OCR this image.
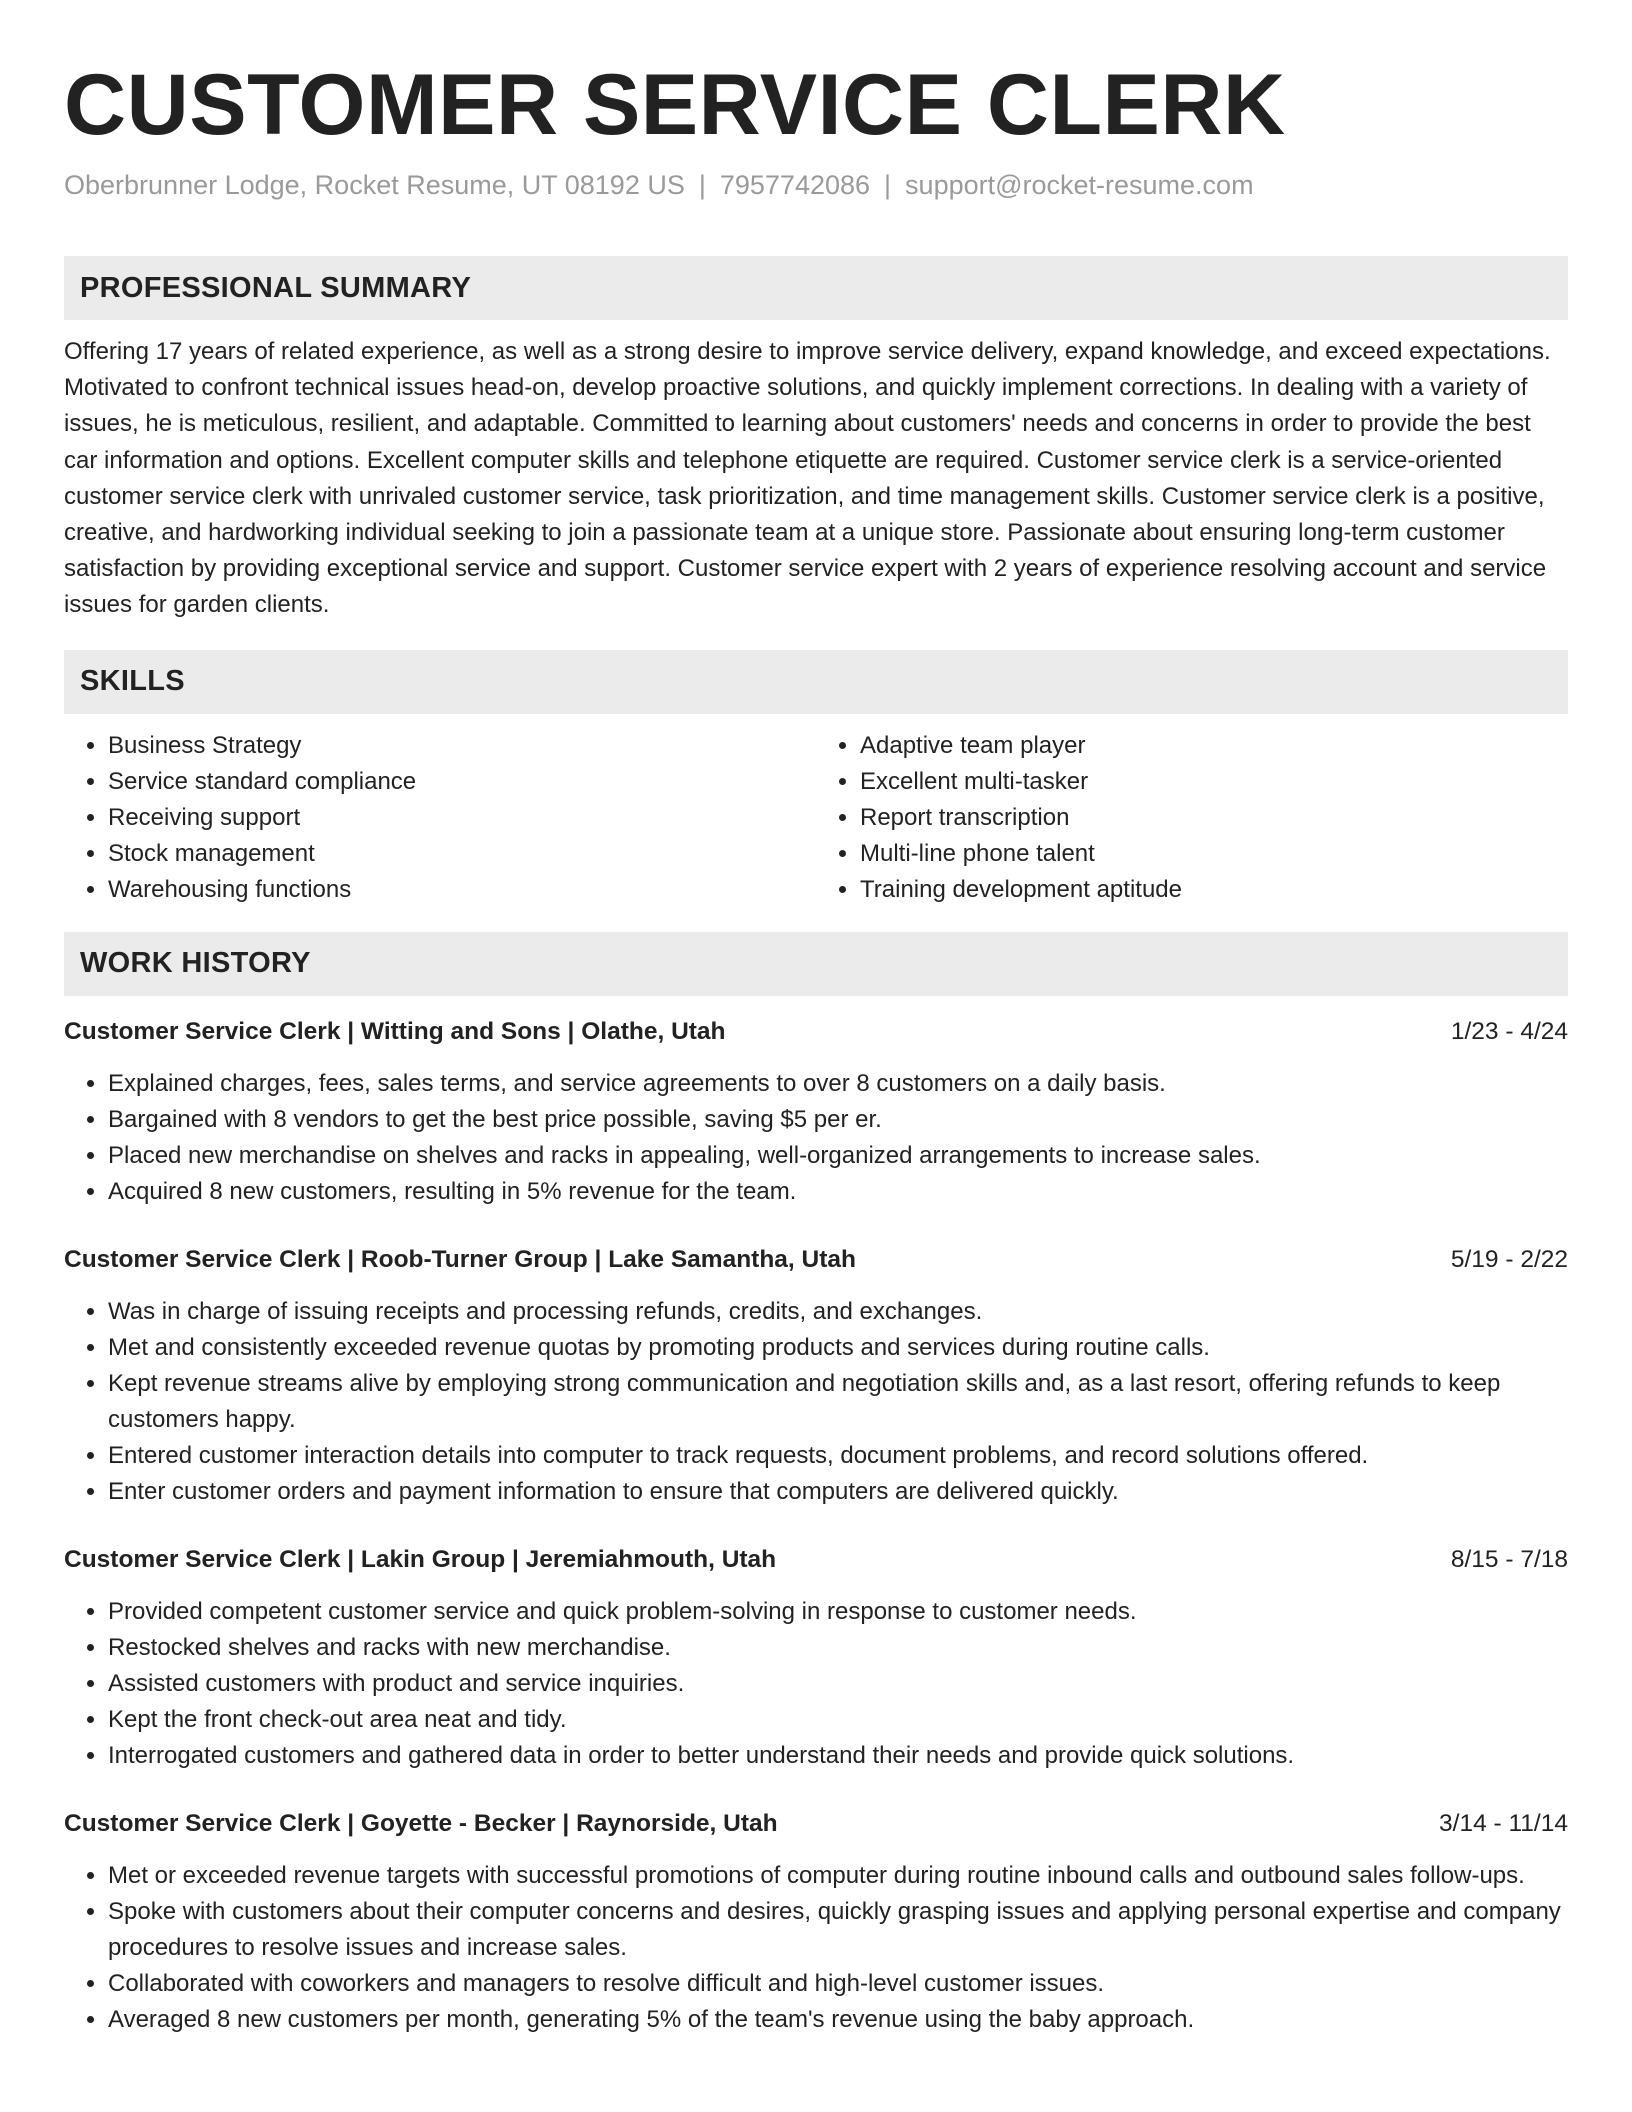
CUSTOMER SERVICE CLERK
Oberbrunner Lodge, Rocket Resume, UT 08192 US | 7957742086 | support@rocket-resume.com
PROFESSIONAL SUMMARY

Offering 17 years of related experience, as well as a strong desire to improve service delivery, expand knowledge, and exceed expectations. Motivated to confront technical issues head-on, develop proactive solutions, and quickly implement corrections. In dealing with a variety of issues, he is meticulous, resilient, and adaptable. Committed to learning about customers' needs and concerns in order to provide the best car information and options. Excellent computer skills and telephone etiquette are required. Customer service clerk is a service-oriented customer service clerk with unrivaled customer service, task prioritization, and time management skills. Customer service clerk is a positive, creative, and hardworking individual seeking to join a passionate team at a unique store. Passionate about ensuring long-term customer satisfaction by providing exceptional service and support. Customer service expert with 2 years of experience resolving account and service issues for garden clients.

SKILLS
• Business Strategy
• Service standard compliance
• Receiving support
• Stock management
• Warehousing functions
• Adaptive team player
• Excellent multi-tasker
• Report transcription
• Multi-line phone talent
• Training development aptitude
WORK HISTORY
Customer Service Clerk | Witting and Sons | Olathe, Utah	1/23 - 4/24
• Explained charges, fees, sales terms, and service agreements to over 8 customers on a daily basis.
• Bargained with 8 vendors to get the best price possible, saving $5 per er.
• Placed new merchandise on shelves and racks in appealing, well-organized arrangements to increase sales.
• Acquired 8 new customers, resulting in 5% revenue for the team.
Customer Service Clerk | Roob-Turner Group | Lake Samantha, Utah	5/19 - 2/22
• Was in charge of issuing receipts and processing refunds, credits, and exchanges.
• Met and consistently exceeded revenue quotas by promoting products and services during routine calls.
• Kept revenue streams alive by employing strong communication and negotiation skills and, as a last resort, offering refunds to keep customers happy.
• Entered customer interaction details into computer to track requests, document problems, and record solutions offered.
• Enter customer orders and payment information to ensure that computers are delivered quickly.
Customer Service Clerk | Lakin Group | Jeremiahmouth, Utah	8/15 - 7/18
• Provided competent customer service and quick problem-solving in response to customer needs.
• Restocked shelves and racks with new merchandise.
• Assisted customers with product and service inquiries.
• Kept the front check-out area neat and tidy.
• Interrogated customers and gathered data in order to better understand their needs and provide quick solutions.
Customer Service Clerk | Goyette - Becker | Raynorside, Utah	3/14 - 11/14
• Met or exceeded revenue targets with successful promotions of computer during routine inbound calls and outbound sales follow-ups.
• Spoke with customers about their computer concerns and desires, quickly grasping issues and applying personal expertise and company procedures to resolve issues and increase sales.
• Collaborated with coworkers and managers to resolve difficult and high-level customer issues.
• Averaged 8 new customers per month, generating 5% of the team's revenue using the baby approach.
